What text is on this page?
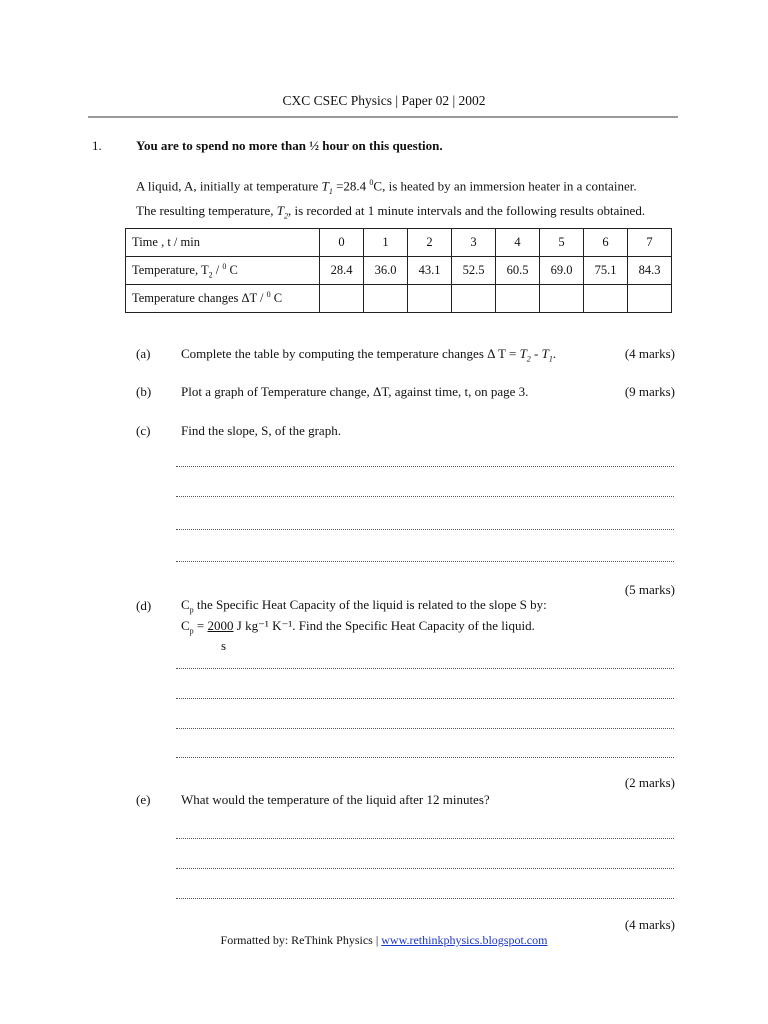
CXC CSEC Physics | Paper 02 | 2002
1.	You are to spend no more than ½ hour on this question.
A liquid, A, initially at temperature $T_1 =28.4$ $^0$C, is heated by an immersion heater in a container.
The resulting temperature, $T_2$, is recorded at 1 minute intervals and the following results obtained.
Time , t / min	0	1	2	3	4	5	6	7
Temperature, $T_2 / ^0$ C	28.4	36.0	43.1	52.5	60.5	69.0	75.1	84.3
Temperature changes ΔT / $^0$ C								
(a) Complete the table by computing the temperature changes Δ $T = T_2 - T_1$.	(4 marks)
(b) Plot a graph of Temperature change, ΔT, against time, t, on page 3.	(9 marks)
(c) Find the slope, S, of the graph.
(5 marks)
(d) $C_p$ the Specific Heat Capacity of the liquid is related to the slope S by:
$C_p = 2000$ J kg⁻¹ K⁻¹. Find the Specific Heat Capacity of the liquid.
s
(2 marks)
(e) What would the temperature of the liquid after 12 minutes?
(4 marks)
Formatted by: ReThink Physics | www.rethinkphysics.blogspot.com
